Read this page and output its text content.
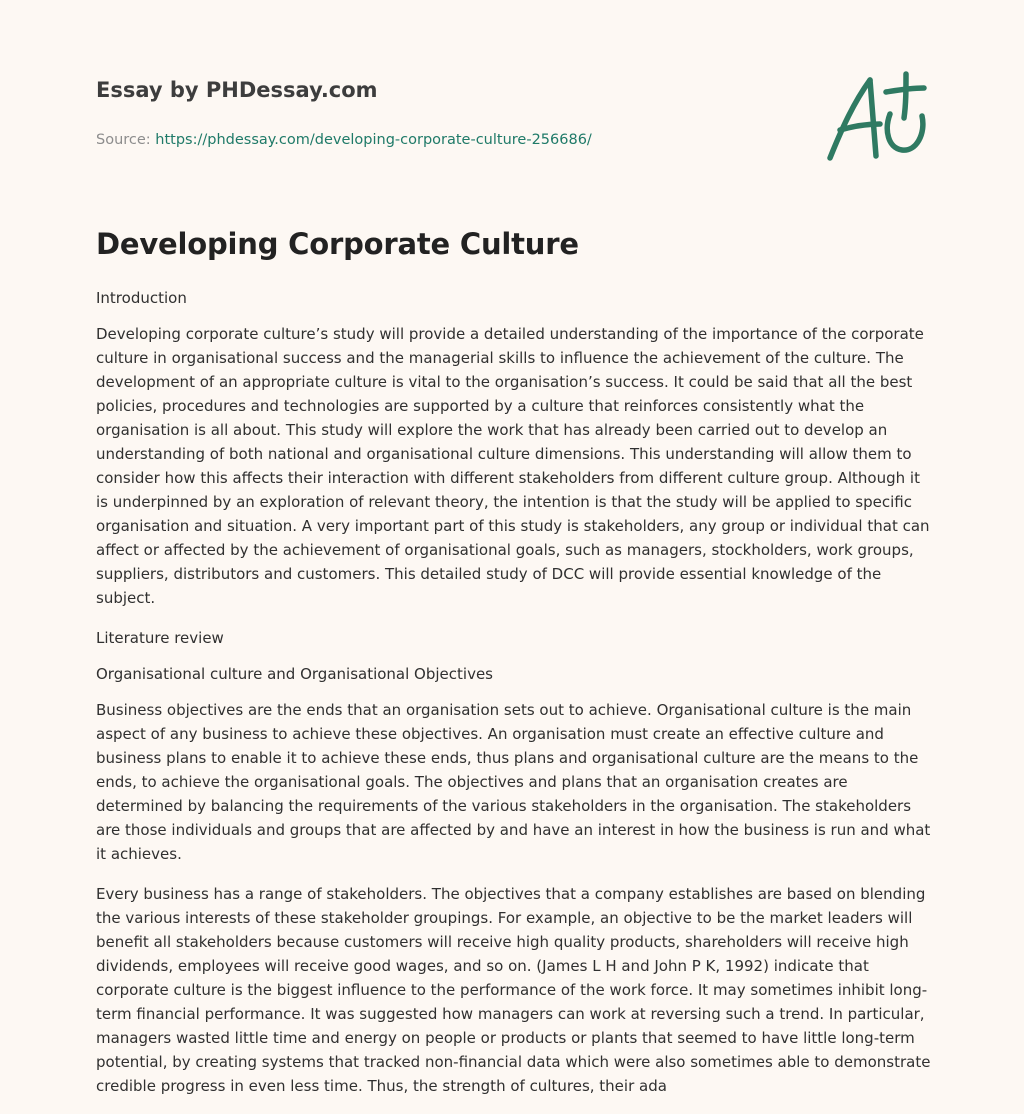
Essay by PHDessay.com
Source: https://phdessay.com/developing-corporate-culture-256686/
Developing Corporate Culture

Introduction

Developing corporate culture’s study will provide a detailed understanding of the importance of the corporate culture in organisational success and the managerial skills to influence the achievement of the culture. The development of an appropriate culture is vital to the organisation’s success. It could be said that all the best policies, procedures and technologies are supported by a culture that reinforces consistently what the organisation is all about. This study will explore the work that has already been carried out to develop an understanding of both national and organisational culture dimensions. This understanding will allow them to consider how this affects their interaction with different stakeholders from different culture group. Although it is underpinned by an exploration of relevant theory, the intention is that the study will be applied to specific organisation and situation. A very important part of this study is stakeholders, any group or individual that can affect or affected by the achievement of organisational goals, such as managers, stockholders, work groups, suppliers, distributors and customers. This detailed study of DCC will provide essential knowledge of the subject.

Literature review

Organisational culture and Organisational Objectives

Business objectives are the ends that an organisation sets out to achieve. Organisational culture is the main aspect of any business to achieve these objectives. An organisation must create an effective culture and business plans to enable it to achieve these ends, thus plans and organisational culture are the means to the ends, to achieve the organisational goals. The objectives and plans that an organisation creates are determined by balancing the requirements of the various stakeholders in the organisation. The stakeholders are those individuals and groups that are affected by and have an interest in how the business is run and what it achieves.

Every business has a range of stakeholders. The objectives that a company establishes are based on blending the various interests of these stakeholder groupings. For example, an objective to be the market leaders will benefit all stakeholders because customers will receive high quality products, shareholders will receive high dividends, employees will receive good wages, and so on. (James L H and John P K, 1992) indicate that corporate culture is the biggest influence to the performance of the work force. It may sometimes inhibit long-term financial performance. It was suggested how managers can work at reversing such a trend. In particular, managers wasted little time and energy on people or products or plants that seemed to have little long-term potential, by creating systems that tracked non-financial data which were also sometimes able to demonstrate credible progress in even less time. Thus, the strength of cultures, their ada
